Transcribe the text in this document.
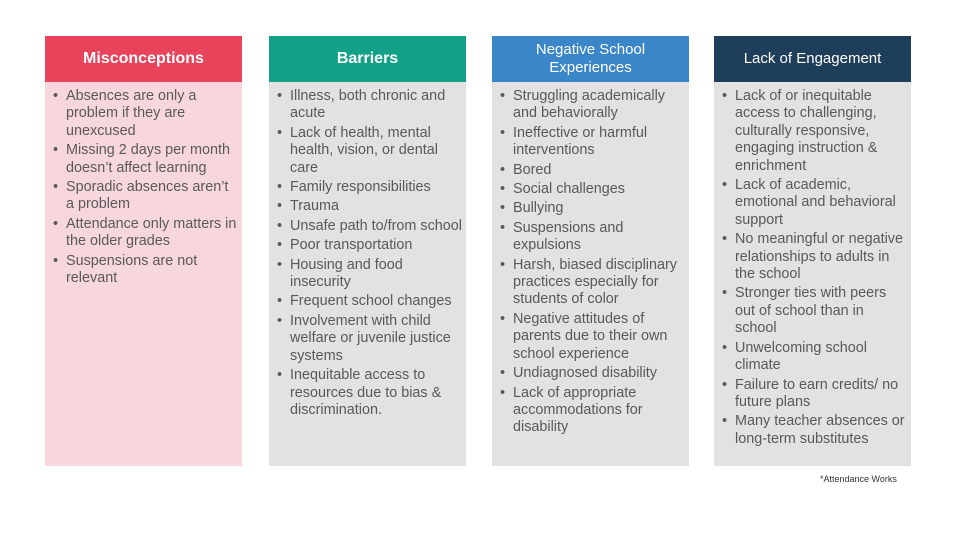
Misconceptions
• Absences are only a problem if they are unexcused
• Missing 2 days per month doesn’t affect learning
• Sporadic absences aren’t a problem
• Attendance only matters in the older grades
• Suspensions are not relevant
Barriers
• Illness, both chronic and acute
• Lack of health, mental health, vision, or dental care
• Family responsibilities
• Trauma
• Unsafe path to/from school
• Poor transportation
• Housing and food insecurity
• Frequent school changes
• Involvement with child welfare or juvenile justice systems
• Inequitable access to resources due to bias & discrimination.
Negative School Experiences
• Struggling academically and behaviorally
• Ineffective or harmful interventions
• Bored
• Social challenges
• Bullying
• Suspensions and expulsions
• Harsh, biased disciplinary practices especially for students of color
• Negative attitudes of parents due to their own school experience
• Undiagnosed disability
• Lack of appropriate accommodations for disability
Lack of Engagement
• Lack of or inequitable access to challenging, culturally responsive, engaging instruction & enrichment
• Lack of academic, emotional and behavioral support
• No meaningful or negative relationships to adults in the school
• Stronger ties with peers out of school than in school
• Unwelcoming school climate
• Failure to earn credits/ no future plans
• Many teacher absences or long-term substitutes
*Attendance Works
